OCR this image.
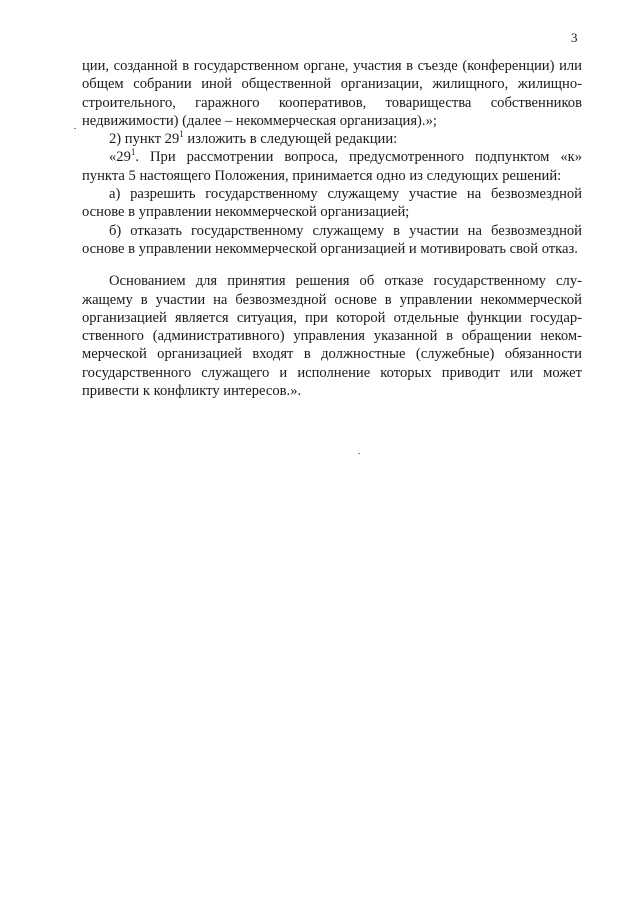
3

ции, созданной в государственном органе, участия в съезде (конференции) или общем собрании иной общественной организации, жилищного, жилищно-строительного, гаражного кооперативов, товарищества собственников недвижимости) (далее – некоммерческая организация).»;

2) пункт $29^1$ изложить в следующей редакции:

«$29^1$. При рассмотрении вопроса, предусмотренного подпунктом «к» пункта 5 настоящего Положения, принимается одно из следующих решений:

а) разрешить государственному служащему участие на безвозмездной основе в управлении некоммерческой организацией;

б) отказать государственному служащему в участии на безвозмездной основе в управлении некоммерческой организацией и мотивировать свой отказ.

Основанием для принятия решения об отказе государственному служащему в участии на безвозмездной основе в управлении некоммерческой организацией является ситуация, при которой отдельные функции государственного (административного) управления указанной в обращении некоммерческой организацией входят в должностные (служебные) обязанности государственного служащего и исполнение которых приводит или может привести к конфликту интересов.».
